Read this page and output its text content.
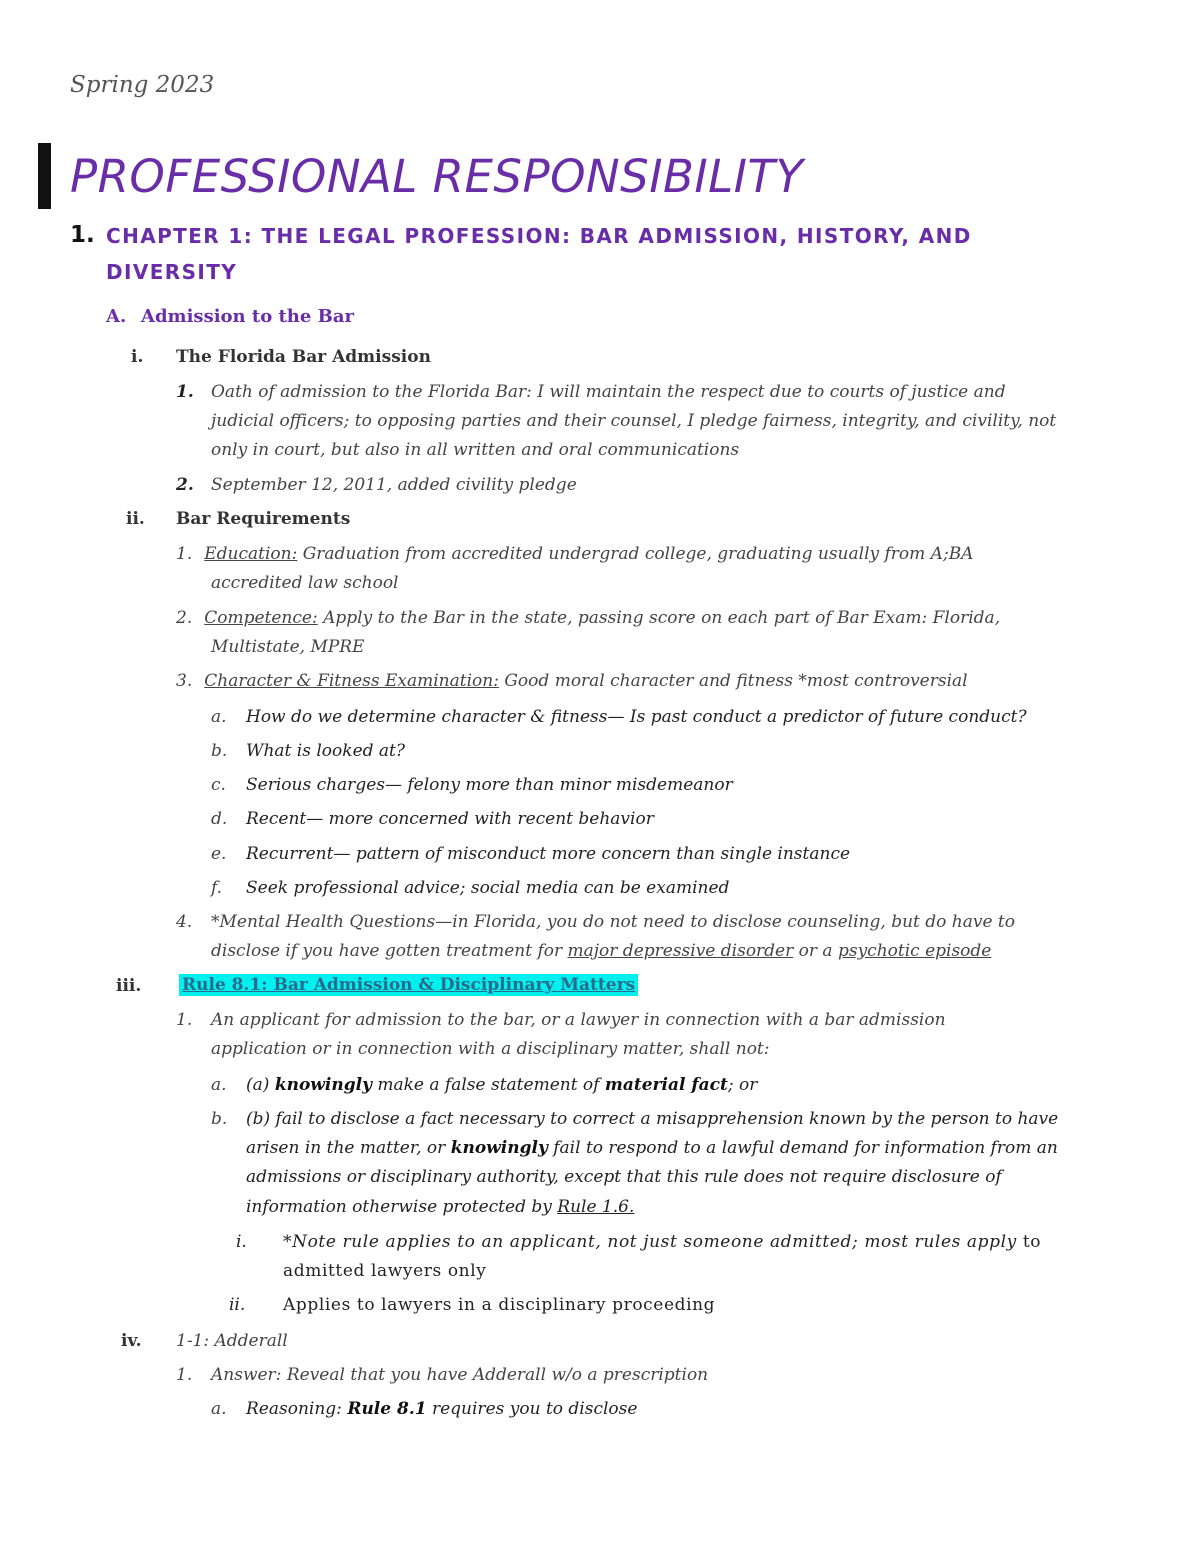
Spring 2023
PROFESSIONAL RESPONSIBILITY
1. CHAPTER 1: THE LEGAL PROFESSION: BAR ADMISSION, HISTORY, AND
DIVERSITY
A. Admission to the Bar
i. The Florida Bar Admission
1. Oath of admission to the Florida Bar: I will maintain the respect due to courts of justice and
judicial officers; to opposing parties and their counsel, I pledge fairness, integrity, and civility, not
only in court, but also in all written and oral communications
2. September 12, 2011, added civility pledge
ii. Bar Requirements
1. Education: Graduation from accredited undergrad college, graduating usually from A;BA
accredited law school
2. Competence: Apply to the Bar in the state, passing score on each part of Bar Exam: Florida,
Multistate, MPRE
3. Character & Fitness Examination: Good moral character and fitness *most controversial
a. How do we determine character & fitness— Is past conduct a predictor of future conduct?
b. What is looked at?
c. Serious charges— felony more than minor misdemeanor
d. Recent— more concerned with recent behavior
e. Recurrent— pattern of misconduct more concern than single instance
f. Seek professional advice; social media can be examined
4. *Mental Health Questions—in Florida, you do not need to disclose counseling, but do have to
disclose if you have gotten treatment for major depressive disorder or a psychotic episode
iii. Rule 8.1: Bar Admission & Disciplinary Matters
1. An applicant for admission to the bar, or a lawyer in connection with a bar admission
application or in connection with a disciplinary matter, shall not:
a. (a) knowingly make a false statement of material fact; or
b. (b) fail to disclose a fact necessary to correct a misapprehension known by the person to have
arisen in the matter, or knowingly fail to respond to a lawful demand for information from an
admissions or disciplinary authority, except that this rule does not require disclosure of
information otherwise protected by Rule 1.6.
i. *Note rule applies to an applicant, not just someone admitted; most rules apply to
admitted lawyers only
ii. Applies to lawyers in a disciplinary proceeding
iv. 1-1: Adderall
1. Answer: Reveal that you have Adderall w/o a prescription
a. Reasoning: Rule 8.1 requires you to disclose
